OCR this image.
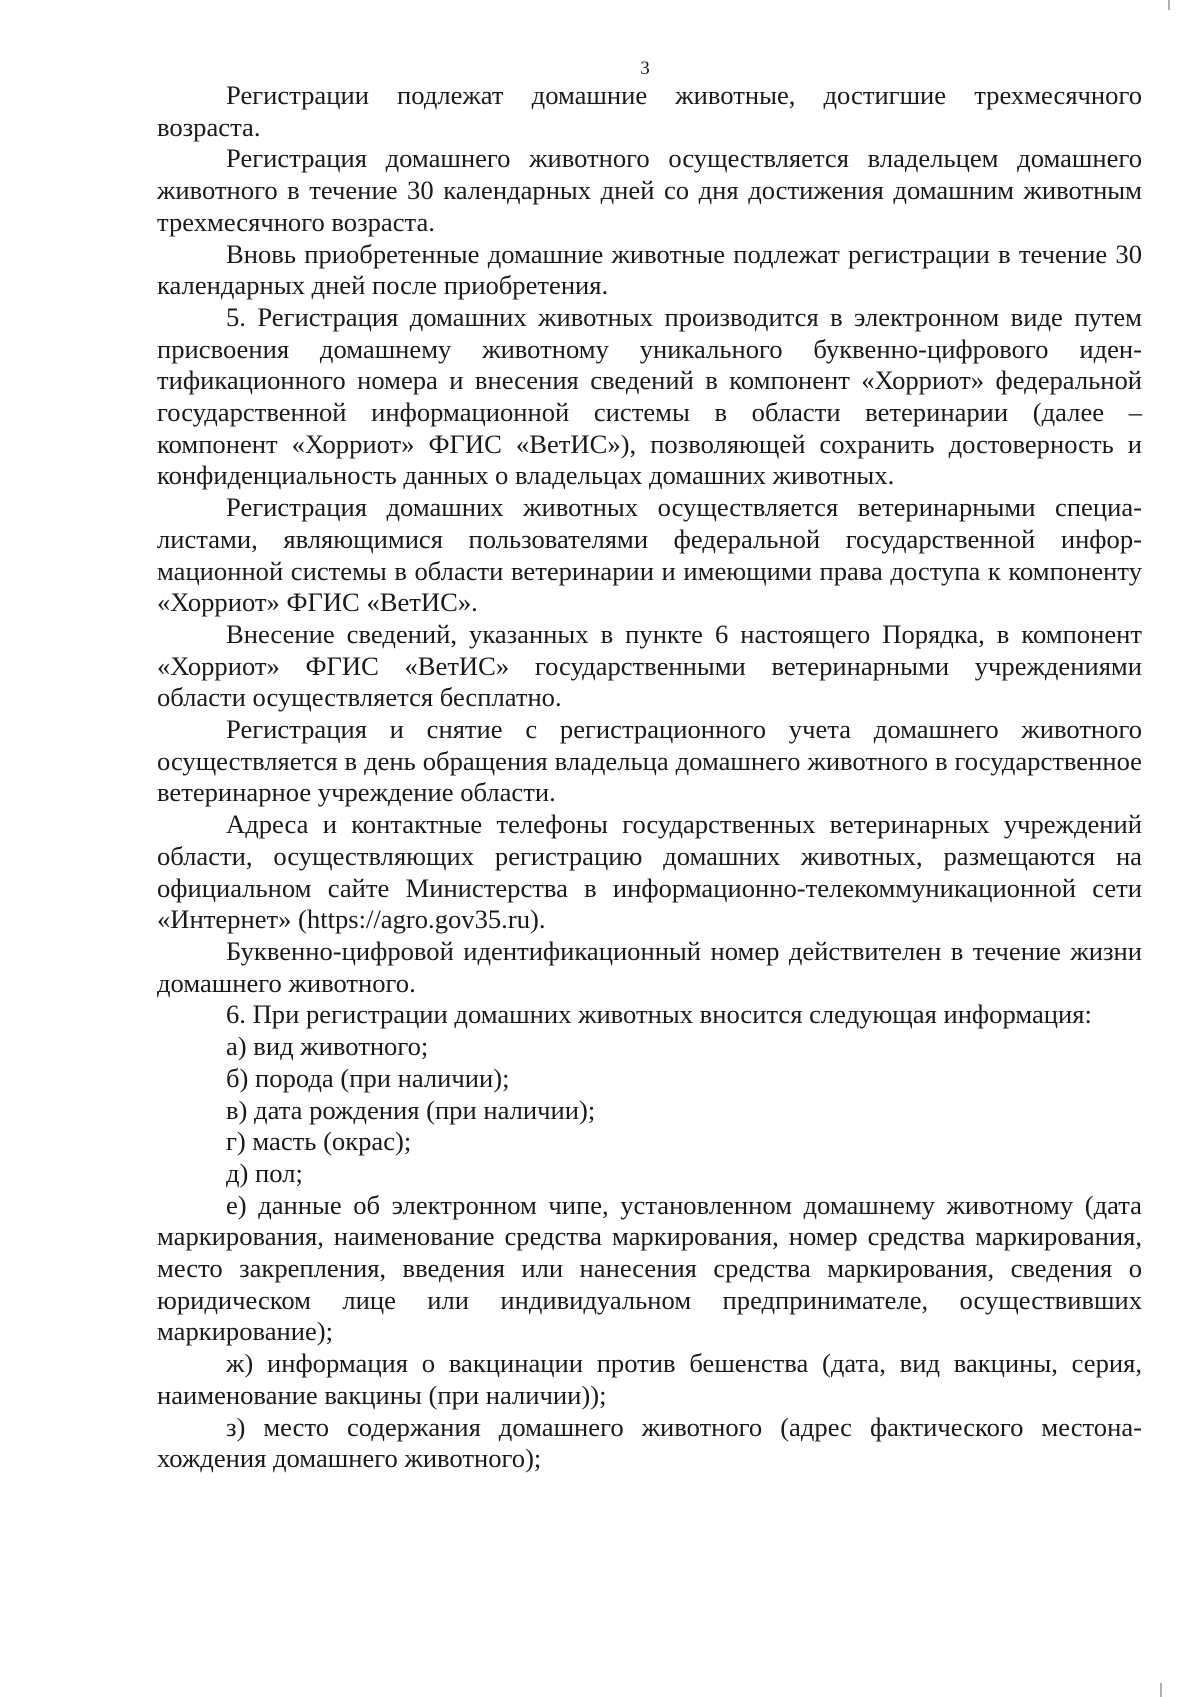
3

Регистрации подлежат домашние животные, достигшие трехмесячного возраста.

Регистрация домашнего животного осуществляется владельцем домашнего животного в течение 30 календарных дней со дня достижения домашним животным трехмесячного возраста.

Вновь приобретенные домашние животные подлежат регистрации в течение 30 календарных дней после приобретения.

5. Регистрация домашних животных производится в электронном виде путем присвоения домашнему животному уникального буквенно-цифрового идентификационного номера и внесения сведений в компонент «Хорриот» федеральной государственной информационной системы в области ветеринарии (далее – компонент «Хорриот» ФГИС «ВетИС»), позволяющей сохранить достоверность и конфиденциальность данных о владельцах домашних животных.

Регистрация домашних животных осуществляется ветеринарными специалистами, являющимися пользователями федеральной государственной информационной системы в области ветеринарии и имеющими права доступа к компоненту «Хорриот» ФГИС «ВетИС».

Внесение сведений, указанных в пункте 6 настоящего Порядка, в компонент «Хорриот» ФГИС «ВетИС» государственными ветеринарными учреждениями области осуществляется бесплатно.

Регистрация и снятие с регистрационного учета домашнего животного осуществляется в день обращения владельца домашнего животного в государственное ветеринарное учреждение области.

Адреса и контактные телефоны государственных ветеринарных учреждений области, осуществляющих регистрацию домашних животных, размещаются на официальном сайте Министерства в информационно-телекоммуникационной сети «Интернет» (https://agro.gov35.ru).

Буквенно-цифровой идентификационный номер действителен в течение жизни домашнего животного.

6. При регистрации домашних животных вносится следующая информация:

а) вид животного;

б) порода (при наличии);

в) дата рождения (при наличии);

г) масть (окрас);

д) пол;

е) данные об электронном чипе, установленном домашнему животному (дата маркирования, наименование средства маркирования, номер средства маркирования, место закрепления, введения или нанесения средства маркирования, сведения о юридическом лице или индивидуальном предпринимателе, осуществивших маркирование);

ж) информация о вакцинации против бешенства (дата, вид вакцины, серия, наименование вакцины (при наличии));

з) место содержания домашнего животного (адрес фактического местонахождения домашнего животного);
